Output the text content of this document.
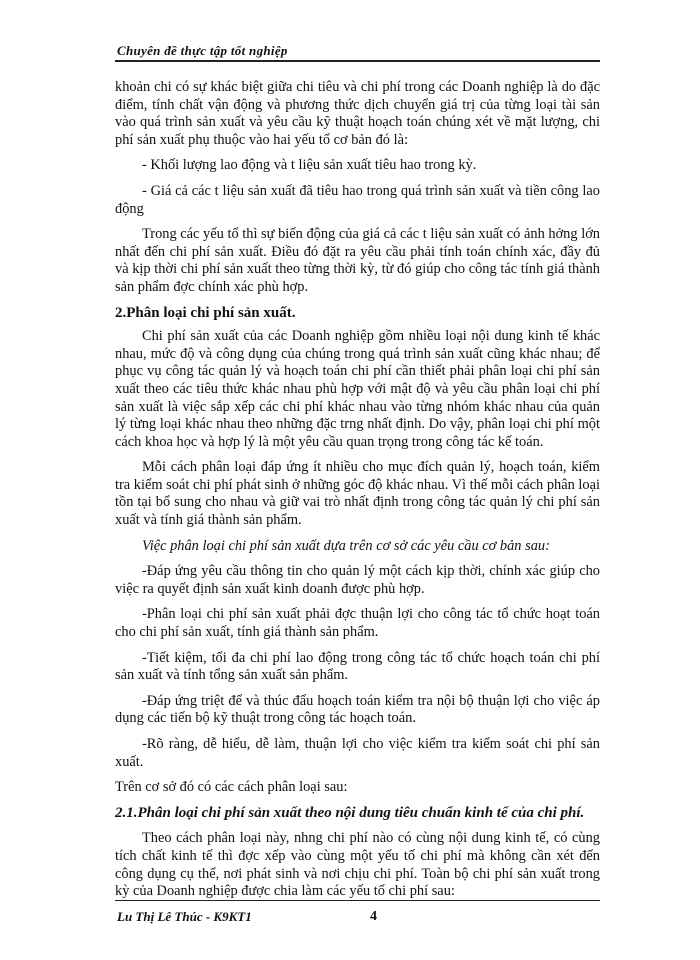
Chuyên đề thực tập tốt nghiệp

khoản chi có sự khác biệt giữa chi tiêu và chi phí trong các Doanh nghiệp là do đặc điểm, tính chất vận động và phương thức dịch chuyển giá trị của từng loại tài sản vào quá trình sản xuất và yêu cầu kỹ thuật hoạch toán chúng xét về mặt lượng, chi phí sản xuất phụ thuộc vào hai yếu tố cơ bản đó là:

- Khối lượng lao động và t liệu sản xuất tiêu hao trong kỳ.

- Giá cả các t liệu sản xuất đã tiêu hao trong quá trình sản xuất và tiền công lao động

Trong các yếu tố thì sự biến động của giá cả các t liệu sản xuất có ảnh hởng lớn nhất đến chi phí sản xuất. Điều đó đặt ra yêu cầu phải tính toán chính xác, đầy đủ và kịp thời chi phí sản xuất theo từng thời kỳ, từ đó giúp cho công tác tính giá thành sản phẩm đợc chính xác phù hợp.

2.Phân loại chi phí sản xuất.

Chi phí sản xuất của các Doanh nghiệp gồm nhiều loại nội dung kinh tế khác nhau, mức độ và công dụng của chúng trong quá trình sản xuất cũng khác nhau; để phục vụ công tác quản lý và hoạch toán chi phí cần thiết phải phân loại chi phí sản xuất theo các tiêu thức khác nhau phù hợp với mật độ và yêu cầu phân loại chi phí sản xuất là việc sắp xếp các chi phí khác nhau vào từng nhóm khác nhau của quản lý từng loại khác nhau theo những đặc trng nhất định. Do vậy, phân loại chi phí một cách khoa học và hợp lý là một yêu cầu quan trọng trong công tác kế toán.

Mỗi cách phân loại đáp ứng ít nhiều cho mục đích quản lý, hoạch toán, kiểm tra kiểm soát chi phí phát sinh ở những góc độ khác nhau. Vì thế mỗi cách phân loại tồn tại bổ sung cho nhau và giữ vai trò nhất định trong công tác quản lý chi phí sản xuất và tính giá thành sản phẩm.

Việc phân loại chi phí sản xuất dựa trên cơ sở các yêu cầu cơ bản sau:

-Đáp ứng yêu cầu thông tin cho quản lý một cách kịp thời, chính xác giúp cho việc ra quyết định sản xuất kinh doanh được phù hợp.

-Phân loại chi phí sản xuất phải đợc thuận lợi cho công tác tổ chức hoạt toán cho chi phí sản xuất, tính giá thành sản phẩm.

-Tiết kiệm, tối đa chi phí lao động trong công tác tổ chức hoạch toán chi phí sản xuất và tính tổng sản xuất sản phẩm.

-Đáp ứng triệt để và thúc đẩu hoạch toán kiểm tra nội bộ thuận lợi cho việc áp dụng các tiến bộ kỹ thuật trong công tác hoạch toán.

-Rõ ràng, dễ hiểu, dễ làm, thuận lợi cho việc kiểm tra kiểm soát chi phí sản xuất.

Trên cơ sở đó có các cách phân loại sau:

2.1.Phân loại chi phí sản xuất theo nội dung tiêu chuẩn kinh tế của chi phí.

Theo cách phân loại này, nhng chi phí nào có cùng nội dung kinh tế, có cùng tích chất kinh tế thì đợc xếp vào cùng một yếu tố chi phí mà không cần xét đến công dụng cụ thể, nơi phát sinh và nơi chịu chi phí. Toàn bộ chi phí sản xuất trong kỳ của Doanh nghiệp được chia làm các yếu tố chi phí sau:

Lu Thị Lê Thúc - K9KT1	4
